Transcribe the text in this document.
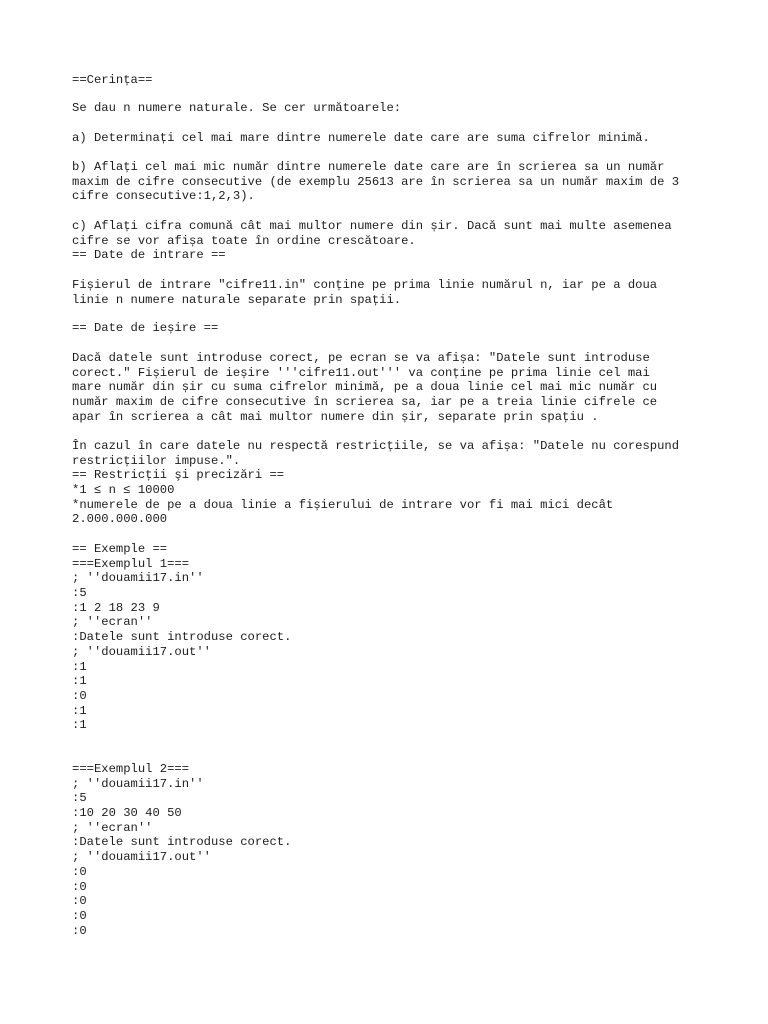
==Cerința==
Se dau n numere naturale. Se cer următoarele:
a) Determinați cel mai mare dintre numerele date care are suma cifrelor minimă.
b) Aflați cel mai mic număr dintre numerele date care are în scrierea sa un număr
maxim de cifre consecutive (de exemplu 25613 are în scrierea sa un număr maxim de 3
cifre consecutive:1,2,3).
c) Aflați cifra comună cât mai multor numere din șir. Dacă sunt mai multe asemenea
cifre se vor afișa toate în ordine crescătoare.
== Date de intrare ==
Fișierul de intrare "cifre11.in" conține pe prima linie numărul n, iar pe a doua
linie n numere naturale separate prin spații.
== Date de ieșire ==
Dacă datele sunt introduse corect, pe ecran se va afișa: "Datele sunt introduse
corect." Fișierul de ieșire '''cifre11.out''' va conține pe prima linie cel mai
mare număr din șir cu suma cifrelor minimă, pe a doua linie cel mai mic număr cu
număr maxim de cifre consecutive în scrierea sa, iar pe a treia linie cifrele ce
apar în scrierea a cât mai multor numere din șir, separate prin spațiu .
În cazul în care datele nu respectă restricțiile, se va afișa: "Datele nu corespund
restricțiilor impuse.".
== Restricţii şi precizări ==
*1 ≤ n ≤ 10000
*numerele de pe a doua linie a fișierului de intrare vor fi mai mici decât
2.000.000.000
== Exemple ==
===Exemplul 1===
; ''douamii17.in''
:5
:1 2 18 23 9
; ''ecran''
:Datele sunt introduse corect.
; ''douamii17.out''
:1
:1
:0
:1
:1
===Exemplul 2===
; ''douamii17.in''
:5
:10 20 30 40 50
; ''ecran''
:Datele sunt introduse corect.
; ''douamii17.out''
:0
:0
:0
:0
:0
